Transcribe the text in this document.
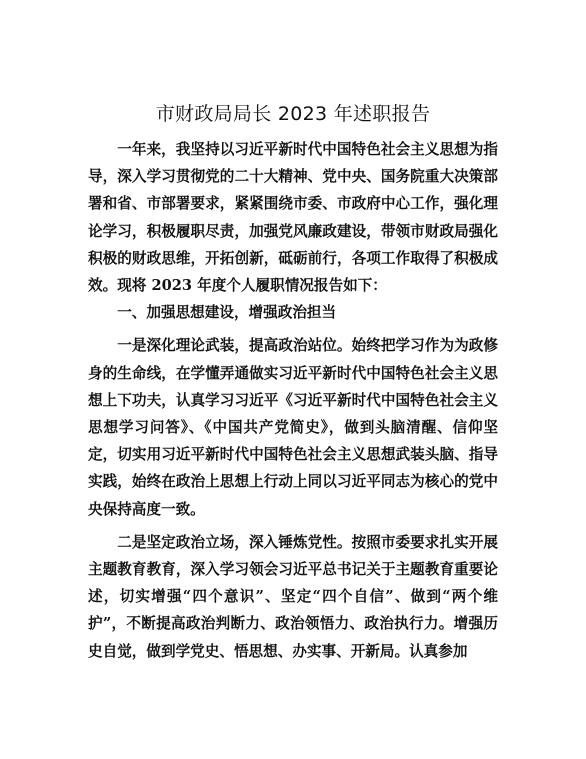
市财政局局长 2023 年述职报告

一年来，我坚持以习近平新时代中国特色社会主义思想为指导，深入学习贯彻党的二十大精神、党中央、国务院重大决策部署和省、市部署要求，紧紧围绕市委、市政府中心工作，强化理论学习，积极履职尽责，加强党风廉政建设，带领市财政局强化积极的财政思维，开拓创新，砥砺前行，各项工作取得了积极成效。现将 2023 年度个人履职情况报告如下：

一、加强思想建设，增强政治担当

一是深化理论武装，提高政治站位。始终把学习作为为政修身的生命线，在学懂弄通做实习近平新时代中国特色社会主义思想上下功夫，认真学习习近平《习近平新时代中国特色社会主义思想学习问答》、《中国共产党简史》，做到头脑清醒、信仰坚定，切实用习近平新时代中国特色社会主义思想武装头脑、指导实践，始终在政治上思想上行动上同以习近平同志为核心的党中央保持高度一致。

二是坚定政治立场，深入锤炼党性。按照市委要求扎实开展主题教育教育，深入学习领会习近平总书记关于主题教育重要论述，切实增强“四个意识”、坚定“四个自信”、做到“两个维护”，不断提高政治判断力、政治领悟力、政治执行力。增强历史自觉，做到学党史、悟思想、办实事、开新局。认真参加
